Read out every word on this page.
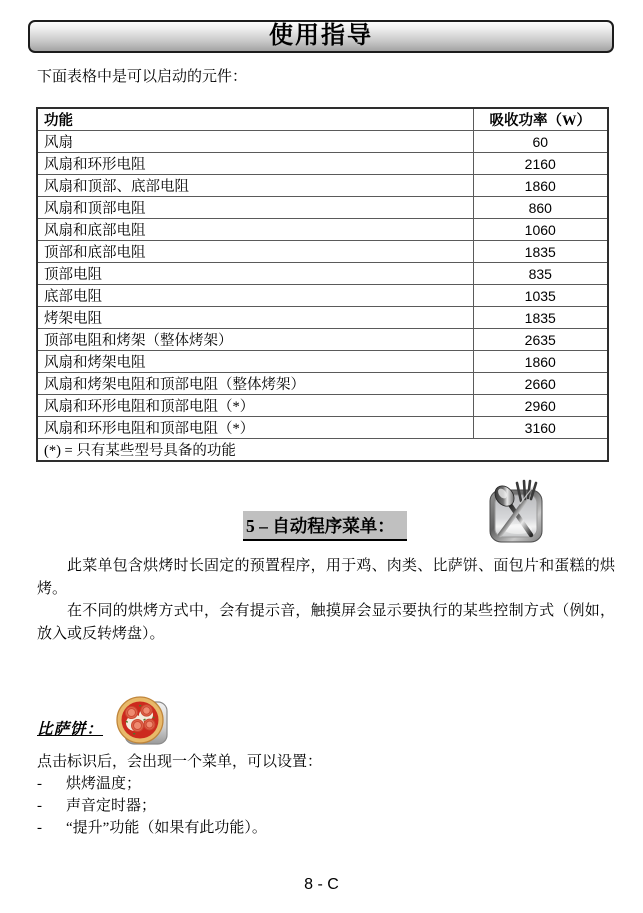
使用指导
下面表格中是可以启动的元件：
功能	吸收功率（W）
风扇	60
风扇和环形电阻	2160
风扇和顶部、底部电阻	1860
风扇和顶部电阻	860
风扇和底部电阻	1060
顶部和底部电阻	1835
顶部电阻	835
底部电阻	1035
烤架电阻	1835
顶部电阻和烤架（整体烤架）	2635
风扇和烤架电阻	1860
风扇和烤架电阻和顶部电阻（整体烤架）	2660
风扇和环形电阻和顶部电阻（*）	2960
风扇和环形电阻和顶部电阻（*）	3160
(*) = 只有某些型号具备的功能	
5 – 自动程序菜单：

此菜单包含烘烤时长固定的预置程序，用于鸡、肉类、比萨饼、面包片和蛋糕的烘烤。

在不同的烘烤方式中，会有提示音，触摸屏会显示要执行的某些控制方式（例如，放入或反转烤盘）。

比萨饼：
点击标识后，会出现一个菜单，可以设置：
-	烘烤温度；
-	声音定时器；
-	“提升”功能（如果有此功能）。
8 - C
